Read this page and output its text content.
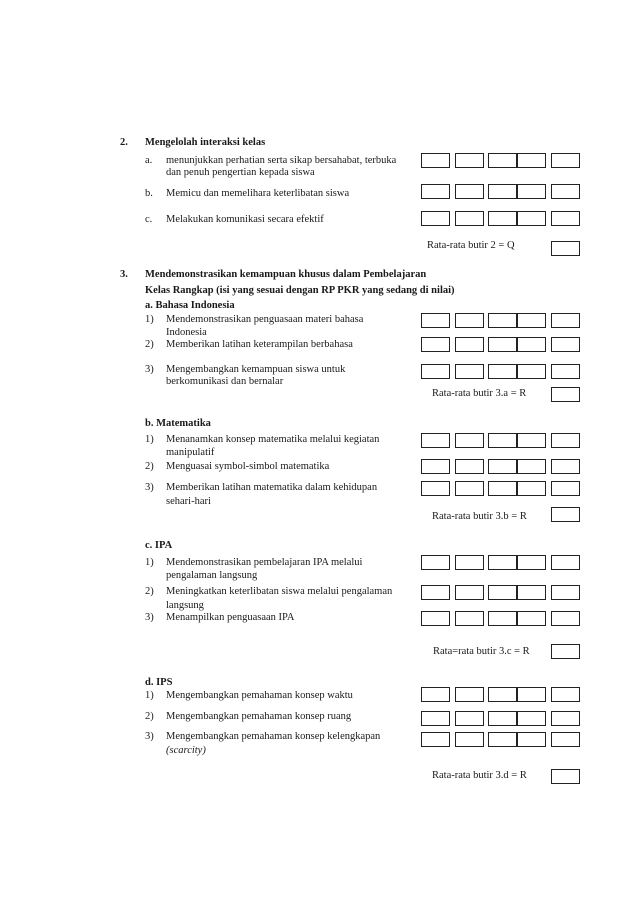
2. Mengelolah interaksi kelas
a. menunjukkan perhatian serta sikap bersahabat, terbuka
dan penuh pengertian kepada siswa
b. Memicu dan memelihara keterlibatan siswa
c. Melakukan komunikasi secara efektif
Rata-rata butir 2 = Q
3. Mendemonstrasikan kemampuan khusus dalam Pembelajaran
Kelas Rangkap (isi yang sesuai dengan RP PKR yang sedang di nilai)
a. Bahasa Indonesia
1) Mendemonstrasikan penguasaan materi bahasa
Indonesia
2) Memberikan latihan keterampilan berbahasa
3) Mengembangkan kemampuan siswa untuk
berkomunikasi dan bernalar
Rata-rata butir 3.a = R
b. Matematika
1) Menanamkan konsep matematika melalui kegiatan
manipulatif
2) Menguasai symbol-simbol matematika
3) Memberikan latihan matematika dalam kehidupan
sehari-hari
Rata-rata butir 3.b = R
c. IPA
1) Mendemonstrasikan pembelajaran IPA melalui
pengalaman langsung
2) Meningkatkan keterlibatan siswa melalui pengalaman
langsung
3) Menampilkan penguasaan IPA
Rata=rata butir 3.c = R
d. IPS
1) Mengembangkan pemahaman konsep waktu
2) Mengembangkan pemahaman konsep ruang
3) Mengembangkan pemahaman konsep kelengkapan
(scarcity)
Rata-rata butir 3.d = R
